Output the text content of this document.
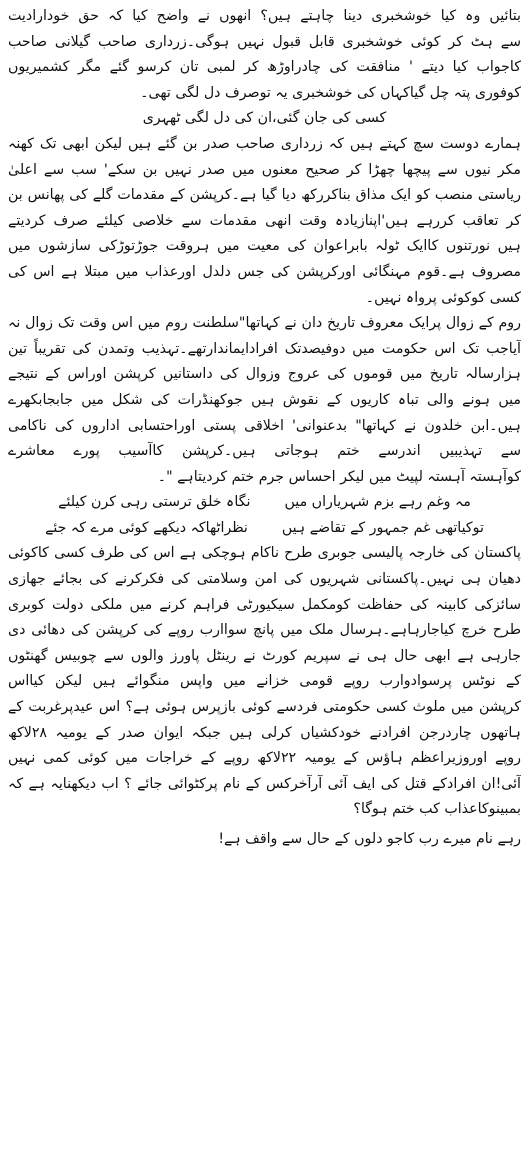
بتائیں وہ کیا خوشخبری دینا چاہتے ہیں؟ انھوں نے واضح کیا کہ حق خودارادیت
سے ہٹ کر کوئی خوشخبری قابل قبول نہیں ہوگی۔زرداری صاحب گیلانی صاحب
کاجواب کیا دیتے ' منافقت کی چادراوڑھ کر لمبی تان کرسو گئے مگر کشمیریوں
کوفوری پتہ چل گیاکہاں کی خوشخبری یہ توصرف دل لگی تھی۔
کسی کی جان گئی،ان کی دل لگی ٹھہری
ہمارے دوست سچ کہتے ہیں کہ زرداری صاحب صدر بن گئے ہیں لیکن ابھی تک کھنہ
مکر نیوں سے پیچھا چھڑا کر صحیح معنوں میں صدر نہیں بن سکے' سب سے اعلیٰ
ریاستی منصب کو ایک مذاق بناکررکھ دیا گیا ہے۔کرپشن کے مقدمات گلے کی پھانس بن
کر تعاقب کررہے ہیں'اپنازیادہ وقت انھی مقدمات سے خلاصی کیلئے صرف کردیتے
ہیں نورتنوں کاایک ٹولہ بابراعوان کی معیت میں ہروقت جوڑتوڑکی سازشوں میں
مصروف ہے۔قوم مہنگائی اورکرپشن کی جس دلدل اورعذاب میں مبتلا ہے اس کی
کسی کوکوئی پرواہ نہیں۔
روم کے زوال پرایک معروف تاریخ دان نے کہاتھا"سلطنت روم میں اس وقت تک زوال نہ
آیاجب تک اس حکومت میں دوفیصدتک افرادایماندارتھے۔تہذیب وتمدن کی تقریباً تین
ہزارسالہ تاریخ میں قوموں کی عروج وزوال کی داستانیں کرپشن اوراس کے نتیجے
میں ہونے والی تباہ کاریوں کے نقوش ہیں جوکھنڈرات کی شکل میں جابجابکھرے
ہیں۔ابن خلدون نے کہاتھا" بدعنوانی' اخلاقی پستی اوراحتسابی اداروں کی ناکامی
سے تہذیبیں اندرسے ختم ہوجاتی ہیں۔کرپشن کاآسیب پورے معاشرے
کوآہستہ آہستہ لپیٹ میں لیکر احساس جرم ختم کردیتاہے "۔
مہ وغم رہے بزم شہریاراں میں
نگاہ خلق ترستی رہی کرن کیلئے
توکیاتھی غم جمہور کے تقاضے ہیں
نظراٹھاکہ دیکھے کوئی مرے کہ جئے
پاکستان کی خارجہ پالیسی جوبری طرح ناکام ہوچکی ہے اس کی طرف کسی کاکوئی
دھیان ہی نہیں۔پاکستانی شہریوں کی امن وسلامتی کی فکرکرنے کی بجائے جھازی
سائزکی کابینہ کی حفاظت کومکمل سیکیورٹی فراہم کرنے میں ملکی دولت کوبری
طرح خرچ کیاجارہاہے۔ہرسال ملک میں پانچ سواارب روپے کی کرپشن کی دھائی دی
جارہی ہے ابھی حال ہی نے سپریم کورٹ نے رینٹل پاورز والوں سے چوبیس گھنٹوں
کے نوٹس پرسوادوارب روپے قومی خزانے میں واپس منگوائے ہیں لیکن کیااس
کرپشن میں ملوث کسی حکومتی فردسے کوئی بازپرس ہوئی ہے؟ اس عیدپرغربت کے
ہاتھوں چاردرجن افرادنے خودکشیاں کرلی ہیں جبکہ ایوان صدر کے یومیہ ۲۸لاکھ
روپے اوروزیراعظم ہاؤس کے یومیہ ۲۲لاکھ روپے کے خراجات میں کوئی کمی نہیں
آئی!ان افرادکے قتل کی ایف آئی آرآخرکس کے نام پرکٹوائی جائے ؟ اب دیکھنایہ ہے کہ
بمبینوکاعذاب کب ختم ہوگا؟
رہے نام میرے رب کاجو دلوں کے حال سے واقف ہے!
